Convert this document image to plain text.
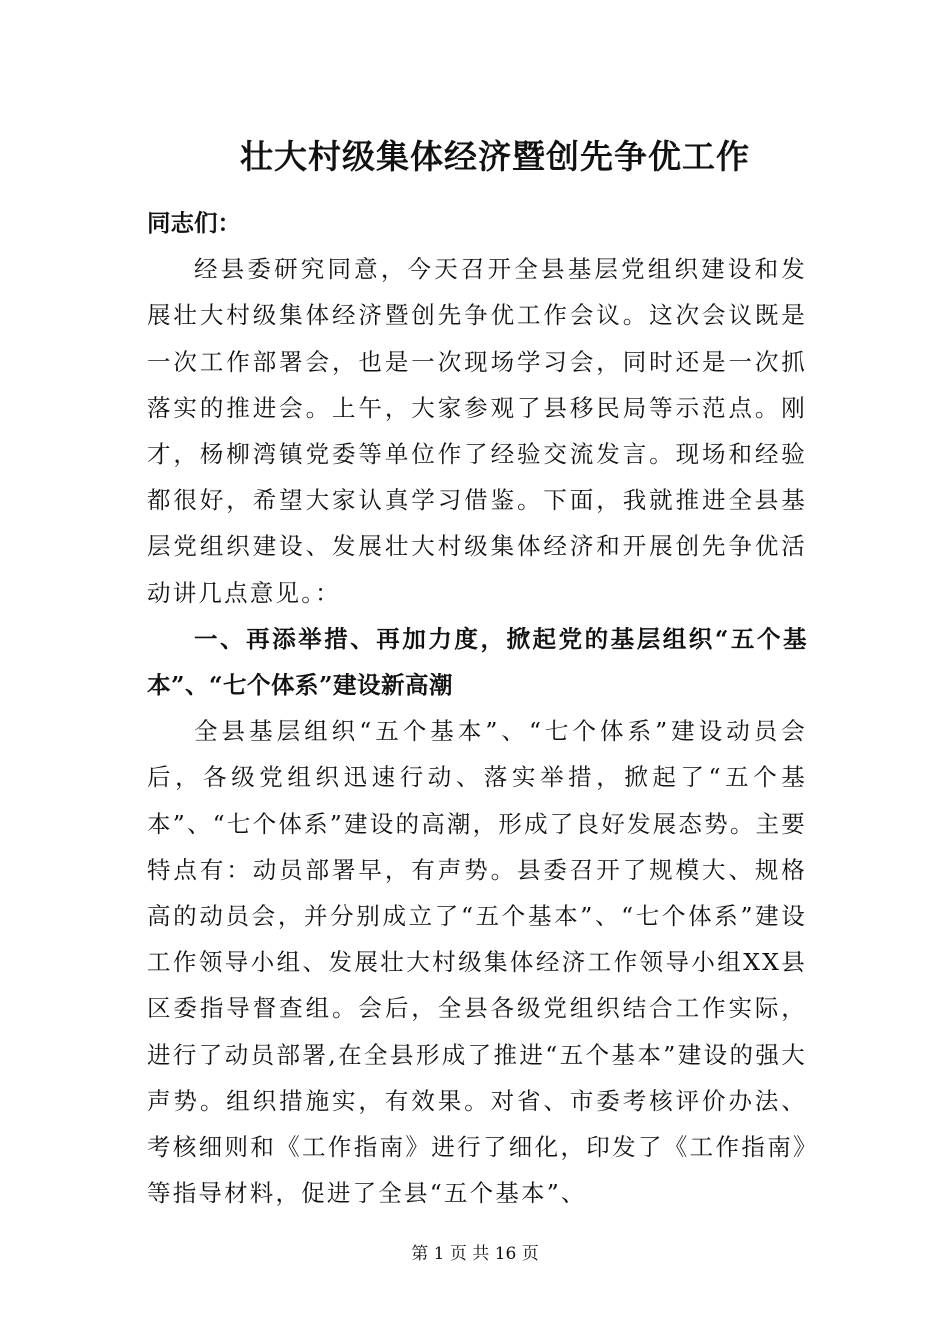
壮大村级集体经济暨创先争优工作

同志们：

经县委研究同意，今天召开全县基层党组织建设和发展壮大村级集体经济暨创先争优工作会议。这次会议既是一次工作部署会，也是一次现场学习会，同时还是一次抓落实的推进会。上午，大家参观了县移民局等示范点。刚才，杨柳湾镇党委等单位作了经验交流发言。现场和经验都很好，希望大家认真学习借鉴。下面，我就推进全县基层党组织建设、发展壮大村级集体经济和开展创先争优活动讲几点意见。：

一、再添举措、再加力度，掀起党的基层组织“五个基本”、“七个体系”建设新高潮

全县基层组织“五个基本”、“七个体系”建设动员会后，各级党组织迅速行动、落实举措，掀起了“五个基本”、“七个体系”建设的高潮，形成了良好发展态势。主要特点有：动员部署早，有声势。县委召开了规模大、规格高的动员会，并分别成立了“五个基本”、“七个体系”建设工作领导小组、发展壮大村级集体经济工作领导小组XX县区委指导督查组。会后，全县各级党组织结合工作实际，进行了动员部署,在全县形成了推进“五个基本”建设的强大声势。组织措施实，有效果。对省、市委考核评价办法、考核细则和《工作指南》进行了细化，印发了《工作指南》等指导材料，促进了全县“五个基本”、

第 1 页 共 16 页
